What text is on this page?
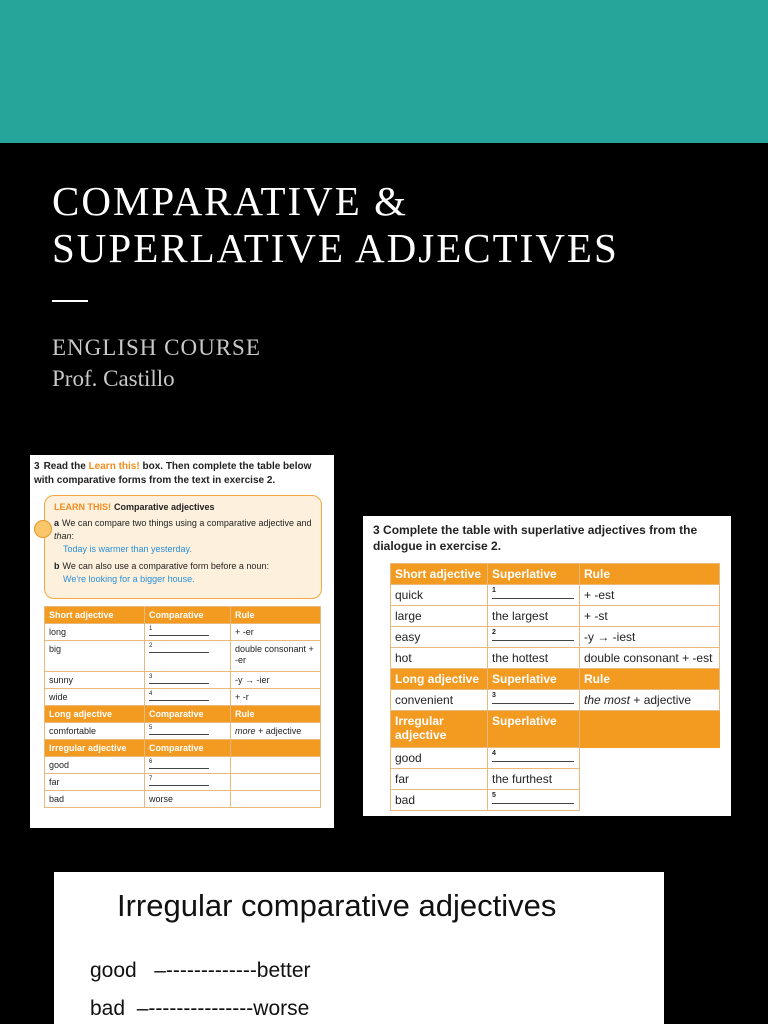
COMPARATIVE &
SUPERLATIVE ADJECTIVES
ENGLISH COURSE
Prof. Castillo
3 Read the Learn this! box. Then complete the table below with comparative forms from the text in exercise 2.
LEARN THIS! Comparative adjectives
a We can compare two things using a comparative adjective and than:
Today is warmer than yesterday.
b We can also use a comparative form before a noun:
We're looking for a bigger house.
Short adjective	Comparative	Rule
long	1	+ -er
big	2	double consonant + -er
sunny	3	-y → -ier
wide	4	+ -r
Long adjective	Comparative	Rule
comfortable	5	more + adjective
Irregular adjective	Comparative	
good	6	

far	7	

bad	worse	
3 Complete the table with superlative adjectives from the dialogue in exercise 2.
Short adjective	Superlative	Rule
quick	1	+ -est
large	the largest	+ -st
easy	2	-y → -iest
hot	the hottest	double consonant + -est
Long adjective	Superlative	Rule
convenient	3	the most + adjective
Irregular adjective	Superlative	
good	4	

far	the furthest	
bad	5	

Irregular comparative adjectives
good   –-------------better
bad  –---------------worse
